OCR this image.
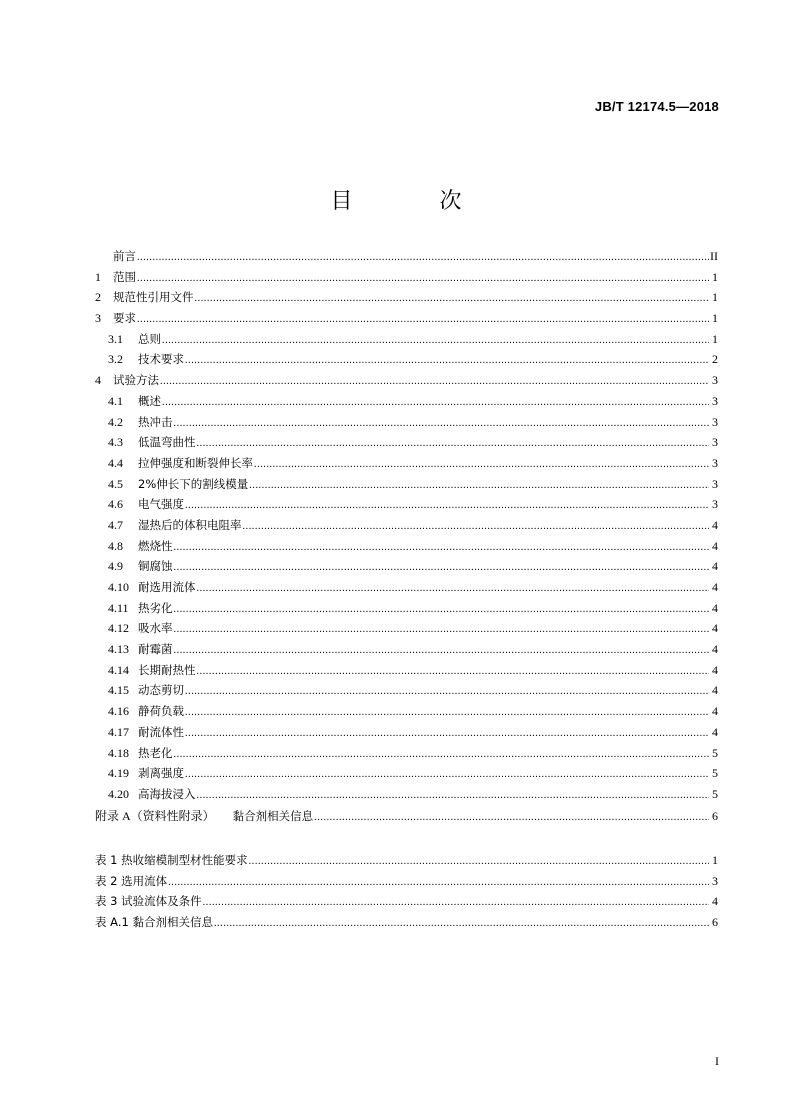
JB/T 12174.5—2018
目 次
前言 .....	II
1	范围 .....	1
2	规范性引用文件 .....	1
3	要求 .....	1
3.1	总则 .....	1
3.2	技术要求 .....	2
4	试验方法 .....	3
4.1	概述 .....	3
4.2	热冲击 .....	3
4.3	低温弯曲性 .....	3
4.4	拉伸强度和断裂伸长率 .....	3
4.5	2%伸长下的割线模量 .....	3
4.6	电气强度 .....	3
4.7	湿热后的体积电阻率 .....	4
4.8	燃烧性 .....	4
4.9	铜腐蚀 .....	4
4.10 耐选用流体 .....	4
4.11 热劣化 .....	4
4.12 吸水率 .....	4
4.13 耐霉菌 .....	4
4.14 长期耐热性 .....	4
4.15 动态剪切 .....	4
4.16 静荷负载 .....	4
4.17 耐流体性 .....	4
4.18 热老化 .....	5
4.19 剥离强度 .....	5
4.20 高海拔浸入 .....	5
附录 A（资料性附录） 黏合剂相关信息 .....	6
表 1 热收缩模制型材性能要求 .....	1
表 2 选用流体 .....	3
表 3 试验流体及条件 .....	4
表 A.1 黏合剂相关信息 .....	6
I
